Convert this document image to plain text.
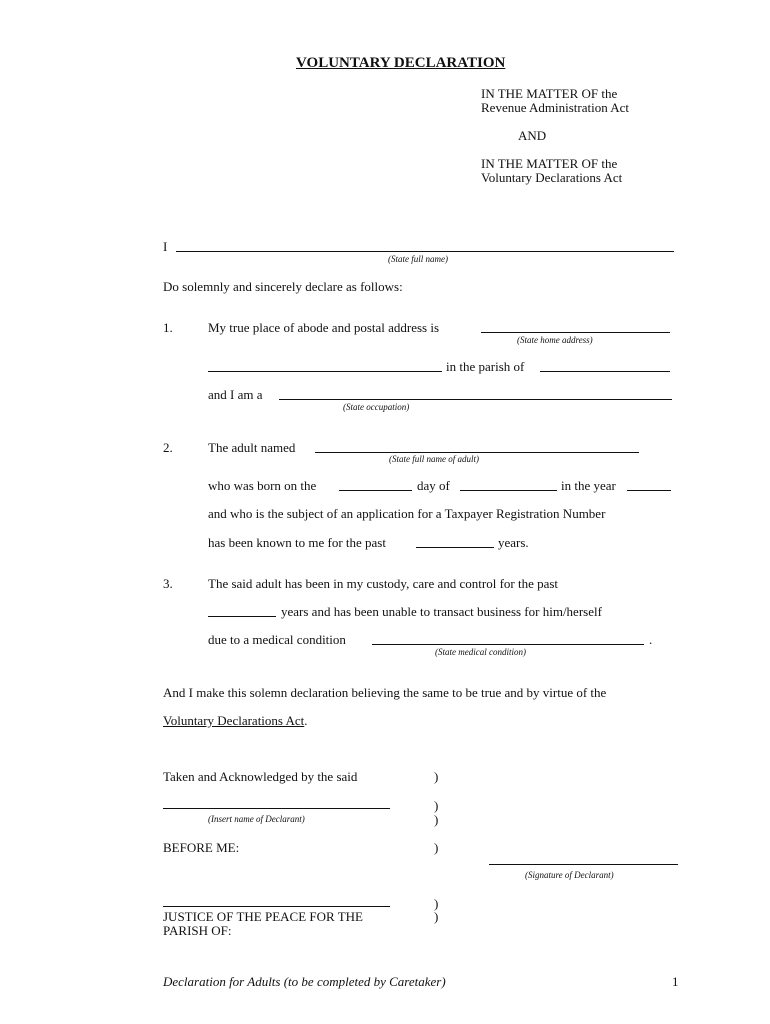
VOLUNTARY DECLARATION
IN THE MATTER OF the
Revenue Administration Act
AND
IN THE MATTER OF the
Voluntary Declarations Act
I
(State full name)
Do solemnly and sincerely declare as follows:
1.	My true place of abode and postal address is
(State home address)
in the parish of
and I am a
(State occupation)
2.	The adult named
(State full name of adult)
who was born on the	day of	in the year
and who is the subject of an application for a Taxpayer Registration Number
has been known to me for the past	years.
3.	The said adult has been in my custody, care and control for the past
years and has been unable to transact business for him/herself
due to a medical condition	.
(State medical condition)
And I make this solemn declaration believing the same to be true and by virtue of the
Voluntary Declarations Act.
Taken and Acknowledged by the said	)
)
(Insert name of Declarant)	)
BEFORE ME:	)
(Signature of Declarant)
)
JUSTICE OF THE PEACE FOR THE	)
PARISH OF:
Declaration for Adults (to be completed by Caretaker)	1
